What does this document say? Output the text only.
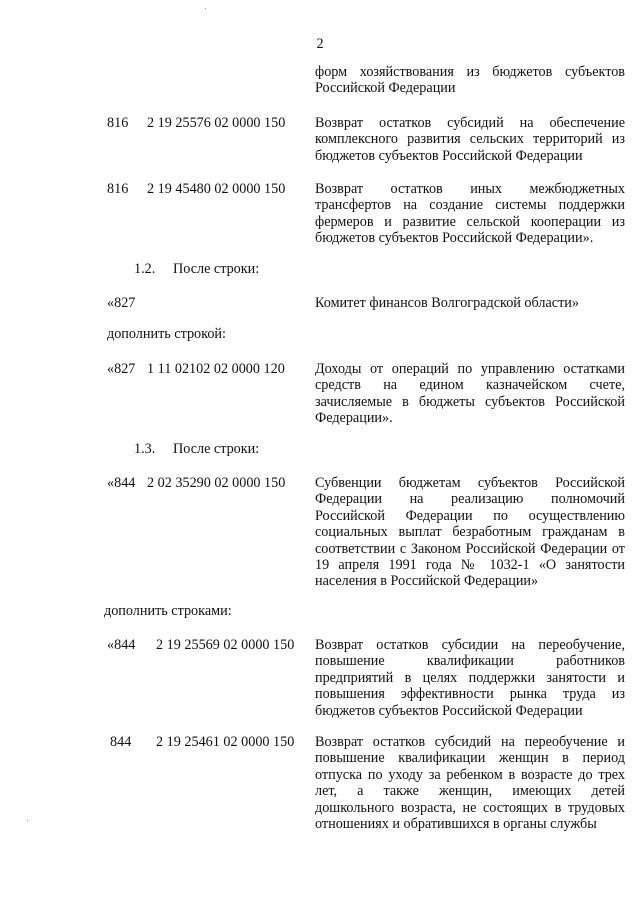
2
форм хозяйствования из бюджетов субъектов
Российской Федерации
816 2 19 25576 02 0000 150 Возврат остатков субсидий на обеспечение
комплексного развития сельских территорий из
бюджетов субъектов Российской Федерации
816 2 19 45480 02 0000 150 Возврат остатков иных межбюджетных
трансфертов на создание системы поддержки
фермеров и развитие сельской кооперации из
бюджетов субъектов Российской Федерации».
1.2. После строки:
«827	Комитет финансов Волгоградской области»
дополнить строкой:
«827 1 11 02102 02 0000 120 Доходы от операций по управлению остатками
средств на едином казначейском счете,
зачисляемые в бюджеты субъектов Российской
Федерации».
1.3. После строки:
«844 2 02 35290 02 0000 150 Субвенции бюджетам субъектов Российской
Федерации на реализацию полномочий
Российской Федерации по осуществлению
социальных выплат безработным гражданам в
соответствии с Законом Российской Федерации от
19 апреля 1991 года № 1032-1 «О занятости
населения в Российской Федерации»
дополнить строками:
«844 2 19 25569 02 0000 150 Возврат остатков субсидии на переобучение,
повышение квалификации работников
предприятий в целях поддержки занятости и
повышения эффективности рынка труда из
бюджетов субъектов Российской Федерации
844 2 19 25461 02 0000 150 Возврат остатков субсидий на переобучение и
повышение квалификации женщин в период
отпуска по уходу за ребенком в возрасте до трех
лет, а также женщин, имеющих детей
дошкольного возраста, не состоящих в трудовых
отношениях и обратившихся в органы службы
